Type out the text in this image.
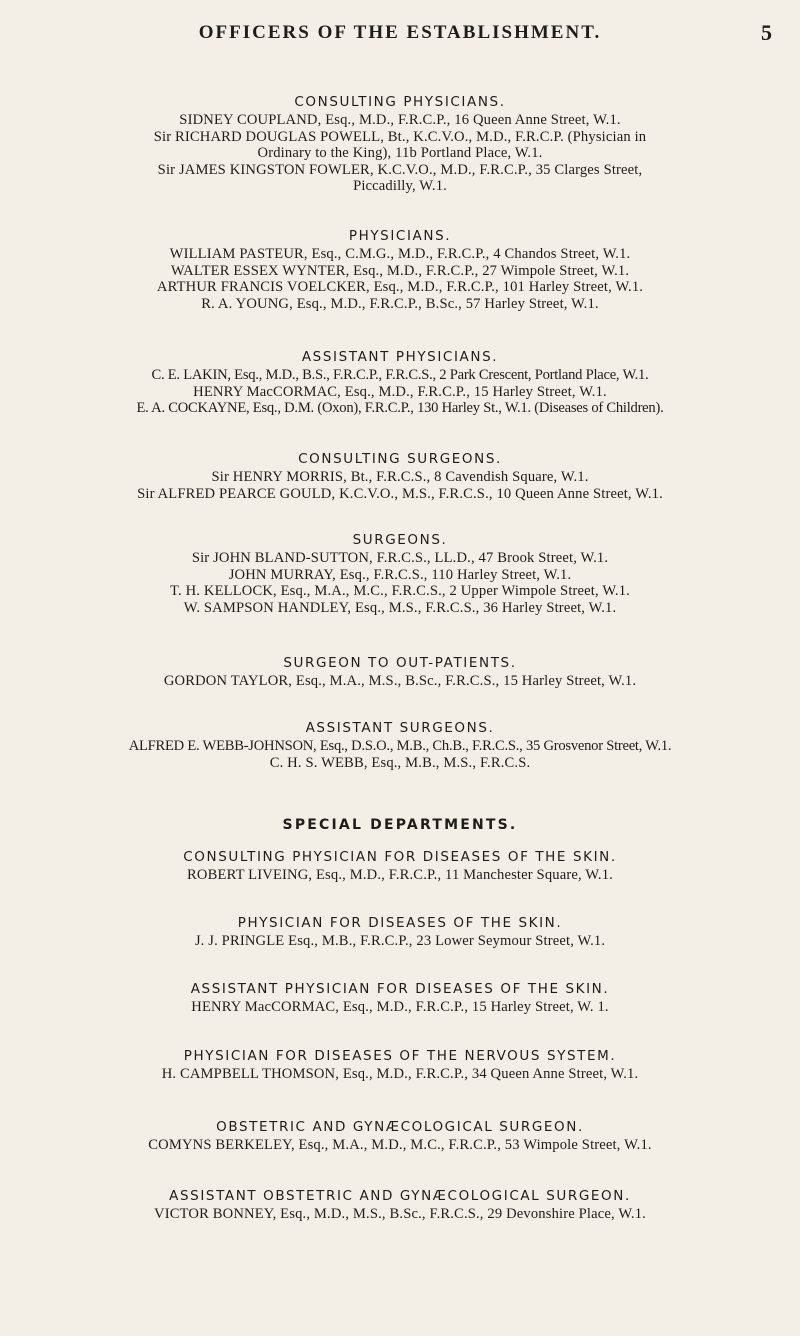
OFFICERS OF THE ESTABLISHMENT.	5

CONSULTING PHYSICIANS.

SIDNEY COUPLAND, Esq., M.D., F.R.C.P., 16 Queen Anne Street, W.1.

Sir RICHARD DOUGLAS POWELL, Bt., K.C.V.O., M.D., F.R.C.P. (Physician in

Ordinary to the King), 11b Portland Place, W.1.

Sir JAMES KINGSTON FOWLER, K.C.V.O., M.D., F.R.C.P., 35 Clarges Street,

Piccadilly, W.1.

PHYSICIANS.

WILLIAM PASTEUR, Esq., C.M.G., M.D., F.R.C.P., 4 Chandos Street, W.1.

WALTER ESSEX WYNTER, Esq., M.D., F.R.C.P., 27 Wimpole Street, W.1.

ARTHUR FRANCIS VOELCKER, Esq., M.D., F.R.C.P., 101 Harley Street, W.1.

R. A. YOUNG, Esq., M.D., F.R.C.P., B.Sc., 57 Harley Street, W.1.

ASSISTANT PHYSICIANS.

C. E. LAKIN, Esq., M.D., B.S., F.R.C.P., F.R.C.S., 2 Park Crescent, Portland Place, W.1.

HENRY MacCORMAC, Esq., M.D., F.R.C.P., 15 Harley Street, W.1.

E. A. COCKAYNE, Esq., D.M. (Oxon), F.R.C.P., 130 Harley St., W.1. (Diseases of Children).

CONSULTING SURGEONS.

Sir HENRY MORRIS, Bt., F.R.C.S., 8 Cavendish Square, W.1.

Sir ALFRED PEARCE GOULD, K.C.V.O., M.S., F.R.C.S., 10 Queen Anne Street, W.1.

SURGEONS.

Sir JOHN BLAND-SUTTON, F.R.C.S., LL.D., 47 Brook Street, W.1.

JOHN MURRAY, Esq., F.R.C.S., 110 Harley Street, W.1.

T. H. KELLOCK, Esq., M.A., M.C., F.R.C.S., 2 Upper Wimpole Street, W.1.

W. SAMPSON HANDLEY, Esq., M.S., F.R.C.S., 36 Harley Street, W.1.

SURGEON TO OUT-PATIENTS.

GORDON TAYLOR, Esq., M.A., M.S., B.Sc., F.R.C.S., 15 Harley Street, W.1.

ASSISTANT SURGEONS.

ALFRED E. WEBB-JOHNSON, Esq., D.S.O., M.B., Ch.B., F.R.C.S., 35 Grosvenor Street, W.1.

C. H. S. WEBB, Esq., M.B., M.S., F.R.C.S.

SPECIAL DEPARTMENTS.

CONSULTING PHYSICIAN FOR DISEASES OF THE SKIN.

ROBERT LIVEING, Esq., M.D., F.R.C.P., 11 Manchester Square, W.1.

PHYSICIAN FOR DISEASES OF THE SKIN.

J. J. PRINGLE Esq., M.B., F.R.C.P., 23 Lower Seymour Street, W.1.

ASSISTANT PHYSICIAN FOR DISEASES OF THE SKIN.

HENRY MacCORMAC, Esq., M.D., F.R.C.P., 15 Harley Street, W. 1.

PHYSICIAN FOR DISEASES OF THE NERVOUS SYSTEM.

H. CAMPBELL THOMSON, Esq., M.D., F.R.C.P., 34 Queen Anne Street, W.1.

OBSTETRIC AND GYNÆCOLOGICAL SURGEON.

COMYNS BERKELEY, Esq., M.A., M.D., M.C., F.R.C.P., 53 Wimpole Street, W.1.

ASSISTANT OBSTETRIC AND GYNÆCOLOGICAL SURGEON.

VICTOR BONNEY, Esq., M.D., M.S., B.Sc., F.R.C.S., 29 Devonshire Place, W.1.
